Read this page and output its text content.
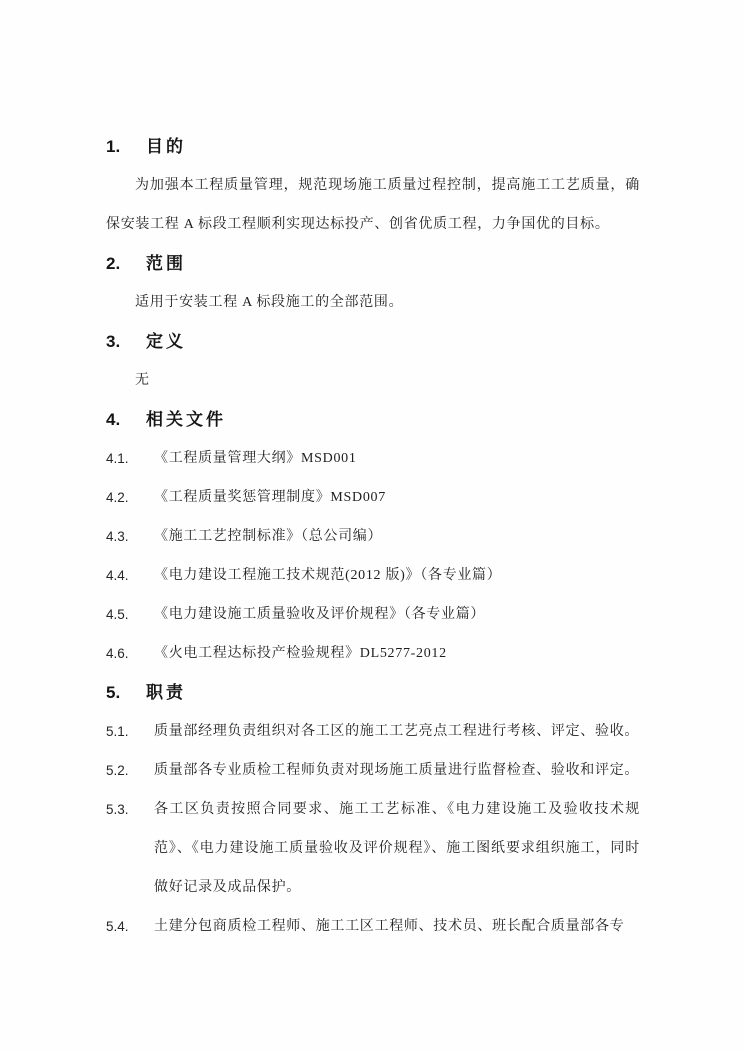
1.	目的

为加强本工程质量管理，规范现场施工质量过程控制，提高施工工艺质量，确保安装工程 A 标段工程顺利实现达标投产、创省优质工程，力争国优的目标。

2.	范围

适用于安装工程 A 标段施工的全部范围。

3.	定义

无

4.	相关文件
4.1.	《工程质量管理大纲》MSD001
4.2.	《工程质量奖惩管理制度》MSD007
4.3.	《施工工艺控制标准》（总公司编）
4.4.	《电力建设工程施工技术规范(2012 版)》（各专业篇）
4.5.	《电力建设施工质量验收及评价规程》（各专业篇）
4.6.	《火电工程达标投产检验规程》DL5277-2012
5.	职责
5.1.	质量部经理负责组织对各工区的施工工艺亮点工程进行考核、评定、验收。
5.2.	质量部各专业质检工程师负责对现场施工质量进行监督检查、验收和评定。
5.3.	各工区负责按照合同要求、施工工艺标准、《电力建设施工及验收技术规范》、《电力建设施工质量验收及评价规程》、施工图纸要求组织施工，同时做好记录及成品保护。
5.4.	土建分包商质检工程师、施工工区工程师、技术员、班长配合质量部各专
